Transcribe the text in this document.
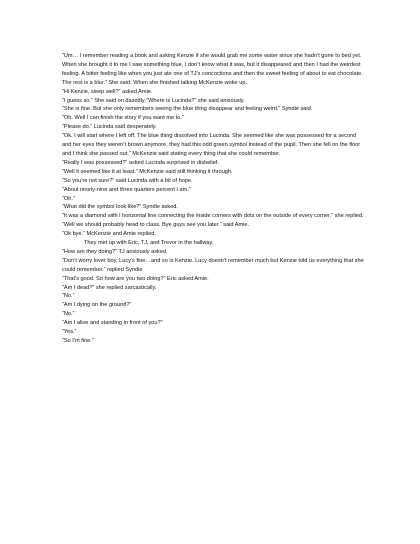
“Um… I remember reading a book and asking Kenzie if she would grab me some water since she hadn’t gone to bed yet. When she brought it to me I saw something blue, I don’t know what it was, but it disappeared and then I had the weirdest feeling. A bitter feeling like when you just ate one of TJ’s concoctions and then the sweet feeling of about to eat chocolate. The rest is a blur.” She said. When she finished talking McKenzie woke up.

“Hi Kenzie, sleep well?” asked Amie.

“I guess so.” She said on dazedly “Where is Lucinda?” she said anxiously.

“She is fine. But she only remembers seeing the blue thing disappear and feeling weird.” Syndie said.

“Oh. Well I can finish the story if you want me to.”

“Please do.” Lucinda said desperately.

“Ok. I will start where I left off. The blue thing dissolved into Lucinda. She seemed like she was possessed for a second and her eyes they weren’t brown anymore, they had this odd green symbol instead of the pupil. Then she fell on the floor and I think she passed out.” McKenzie said stating every thing that she could remember.

“Really I was possessed?” asked Lucinda surprised in disbelief.

“Well it seemed like it at least.” McKenzie said still thinking it through.

“So you’re not sure?” said Lucinda with a bit of hope.

“About ninety-nine and three quarters percent I am.”

“Oh.”

“What did the symbol look like?” Syndie asked.

“It was a diamond with l horizontal line connecting the inside corners with dots on the outside of every corner.” she replied.

“Well we should probably head to class. Bye guys see you later.” said Amie.

“Ok bye.” McKenzie and Amie replied.

They met up with Eric, TJ, and Trevor in the hallway.

“How are they doing?” TJ anxiously asked.

“Don’t worry lover boy, Lucy’s fine…and so is Kenzie. Lucy doesn’t remember much but Kenzie told us everything that she could remember.” replied Syndie

“That’s good. So how are you two doing?” Eric asked Amie.

“Am I dead?” she replied sarcastically.

“No.”

“Am I dying on the ground?”

“No.”

“Am I alive and standing in front of you?”

“Yes.”

“So I’m fine.”
